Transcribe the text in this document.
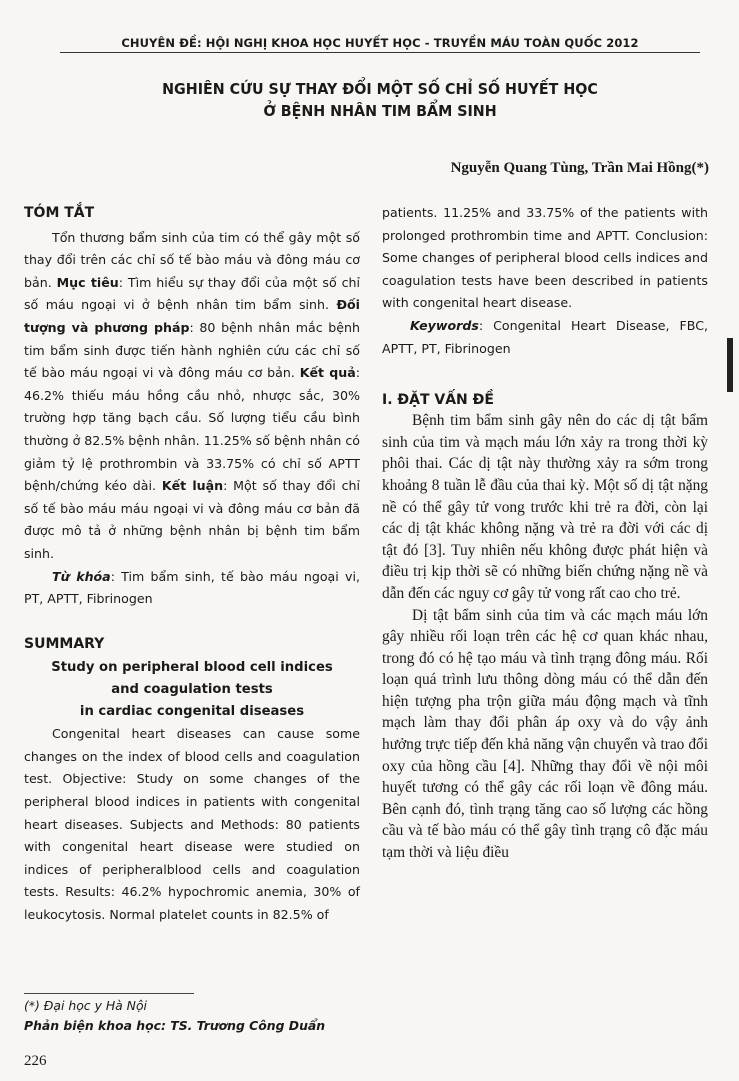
CHUYÊN ĐỀ: HỘI NGHỊ KHOA HỌC HUYẾT HỌC - TRUYỀN MÁU TOÀN QUỐC 2012
NGHIÊN CỨU SỰ THAY ĐỔI MỘT SỐ CHỈ SỐ HUYẾT HỌC
Ở BỆNH NHÂN TIM BẨM SINH
Nguyễn Quang Tùng, Trần Mai Hồng(*)
TÓM TẮT

Tổn thương bẩm sinh của tim có thể gây một số thay đổi trên các chỉ số tế bào máu và đông máu cơ bản. Mục tiêu: Tìm hiểu sự thay đổi của một số chỉ số máu ngoại vi ở bệnh nhân tim bẩm sinh. Đối tượng và phương pháp: 80 bệnh nhân mắc bệnh tim bẩm sinh được tiến hành nghiên cứu các chỉ số tế bào máu ngoại vi và đông máu cơ bản. Kết quả: 46.2% thiếu máu hồng cầu nhỏ, nhược sắc, 30% trường hợp tăng bạch cầu. Số lượng tiểu cầu bình thường ở 82.5% bệnh nhân. 11.25% số bệnh nhân có giảm tỷ lệ prothrombin và 33.75% có chỉ số APTT bệnh/chứng kéo dài. Kết luận: Một số thay đổi chỉ số tế bào máu máu ngoại vi và đông máu cơ bản đã được mô tả ở những bệnh nhân bị bệnh tim bẩm sinh.

Từ khóa: Tim bẩm sinh, tế bào máu ngoại vi, PT, APTT, Fibrinogen

SUMMARY
Study on peripheral blood cell indices
and coagulation tests
in cardiac congenital diseases

Congenital heart diseases can cause some changes on the index of blood cells and coagulation test. Objective: Study on some changes of the peripheral blood indices in patients with congenital heart diseases. Subjects and Methods: 80 patients with congenital heart disease were studied on indices of peripheralblood cells and coagulation tests. Results: 46.2% hypochromic anemia, 30% of leukocytosis. Normal platelet counts in 82.5% of

patients. 11.25% and 33.75% of the patients with prolonged prothrombin time and APTT. Conclusion: Some changes of peripheral blood cells indices and coagulation tests have been described in patients with congenital heart disease.

Keywords: Congenital Heart Disease, FBC, APTT, PT, Fibrinogen

I. ĐẶT VẤN ĐỀ

Bệnh tim bẩm sinh gây nên do các dị tật bẩm sinh của tim và mạch máu lớn xảy ra trong thời kỳ phôi thai. Các dị tật này thường xảy ra sớm trong khoảng 8 tuần lễ đầu của thai kỳ. Một số dị tật nặng nề có thể gây tử vong trước khi trẻ ra đời, còn lại các dị tật khác không nặng và trẻ ra đời với các dị tật đó [3]. Tuy nhiên nếu không được phát hiện và điều trị kịp thời sẽ có những biến chứng nặng nề và dẫn đến các nguy cơ gây tử vong rất cao cho trẻ.

Dị tật bẩm sinh của tim và các mạch máu lớn gây nhiều rối loạn trên các hệ cơ quan khác nhau, trong đó có hệ tạo máu và tình trạng đông máu. Rối loạn quá trình lưu thông dòng máu có thể dẫn đến hiện tượng pha trộn giữa máu động mạch và tĩnh mạch làm thay đổi phân áp oxy và do vậy ảnh hưởng trực tiếp đến khả năng vận chuyển và trao đổi oxy của hồng cầu [4]. Những thay đổi về nội môi huyết tương có thể gây các rối loạn về đông máu. Bên cạnh đó, tình trạng tăng cao số lượng các hồng cầu và tế bào máu có thể gây tình trạng cô đặc máu tạm thời và liệu điều

(*) Đại học y Hà Nội
Phản biện khoa học: TS. Trương Công Duẩn
226
